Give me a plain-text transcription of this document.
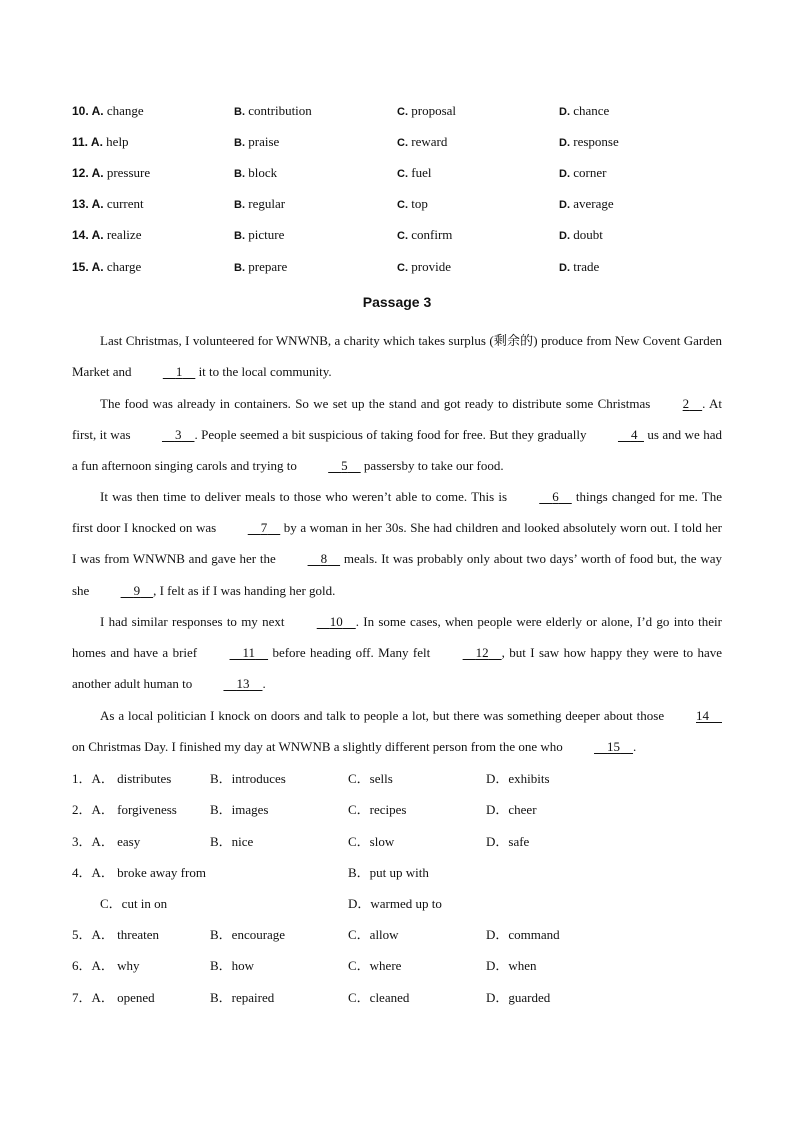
10. A. change	B. contribution	C. proposal	D. chance
11. A. help	B. praise	C. reward	D. response
12. A. pressure	B. block	C. fuel	D. corner
13. A. current	B. regular	C. top	D. average
14. A. realize	B. picture	C. confirm	D. doubt
15. A. charge	B. prepare	C. provide	D. trade
Passage 3
Last Christmas, I volunteered for WNWNB, a charity which takes surplus (剩余的) produce from New Covent Garden Market and	1     it to the local community.
The food was already in containers. So we set up the stand and got ready to distribute some Christmas 2 . At first, it was	3 . People seemed a bit suspicious of taking food for free. But they gradually	4   us and we had a fun afternoon singing carols and trying to	5     passersby to take our food.
It was then time to deliver meals to those who weren’t able to come. This is	6     things changed for me. The first door I knocked on was	7     by a woman in her 30s. She had children and looked absolutely worn out. I told her I was from WNWNB and gave her the	8     meals. It was probably only about two days’ worth of food but, the way she	9 , I felt as if I was handing her gold.
I had similar responses to my next	10 . In some cases, when people were elderly or alone, I’d go into their homes and have a brief	11     before heading off. Many felt	12 , but I saw how happy they were to have another adult human to	13 .
As a local politician I knock on doors and talk to people a lot, but there was something deeper about those 14     on Christmas Day. I finished my day at WNWNB a slightly different person from the one who	15 .
1．A． distributes	B．introduces	C．sells	D．exhibits
2．A． forgiveness	B．images	C．recipes	D．cheer
3．A． easy	B．nice	C．slow	D．safe
4．A． broke away from	B．put up with
C．cut in on	D．warmed up to
5．A． threaten	B．encourage	C．allow	D．command
6．A． why	B．how	C．where	D．when
7．A． opened	B．repaired	C．cleaned	D．guarded
